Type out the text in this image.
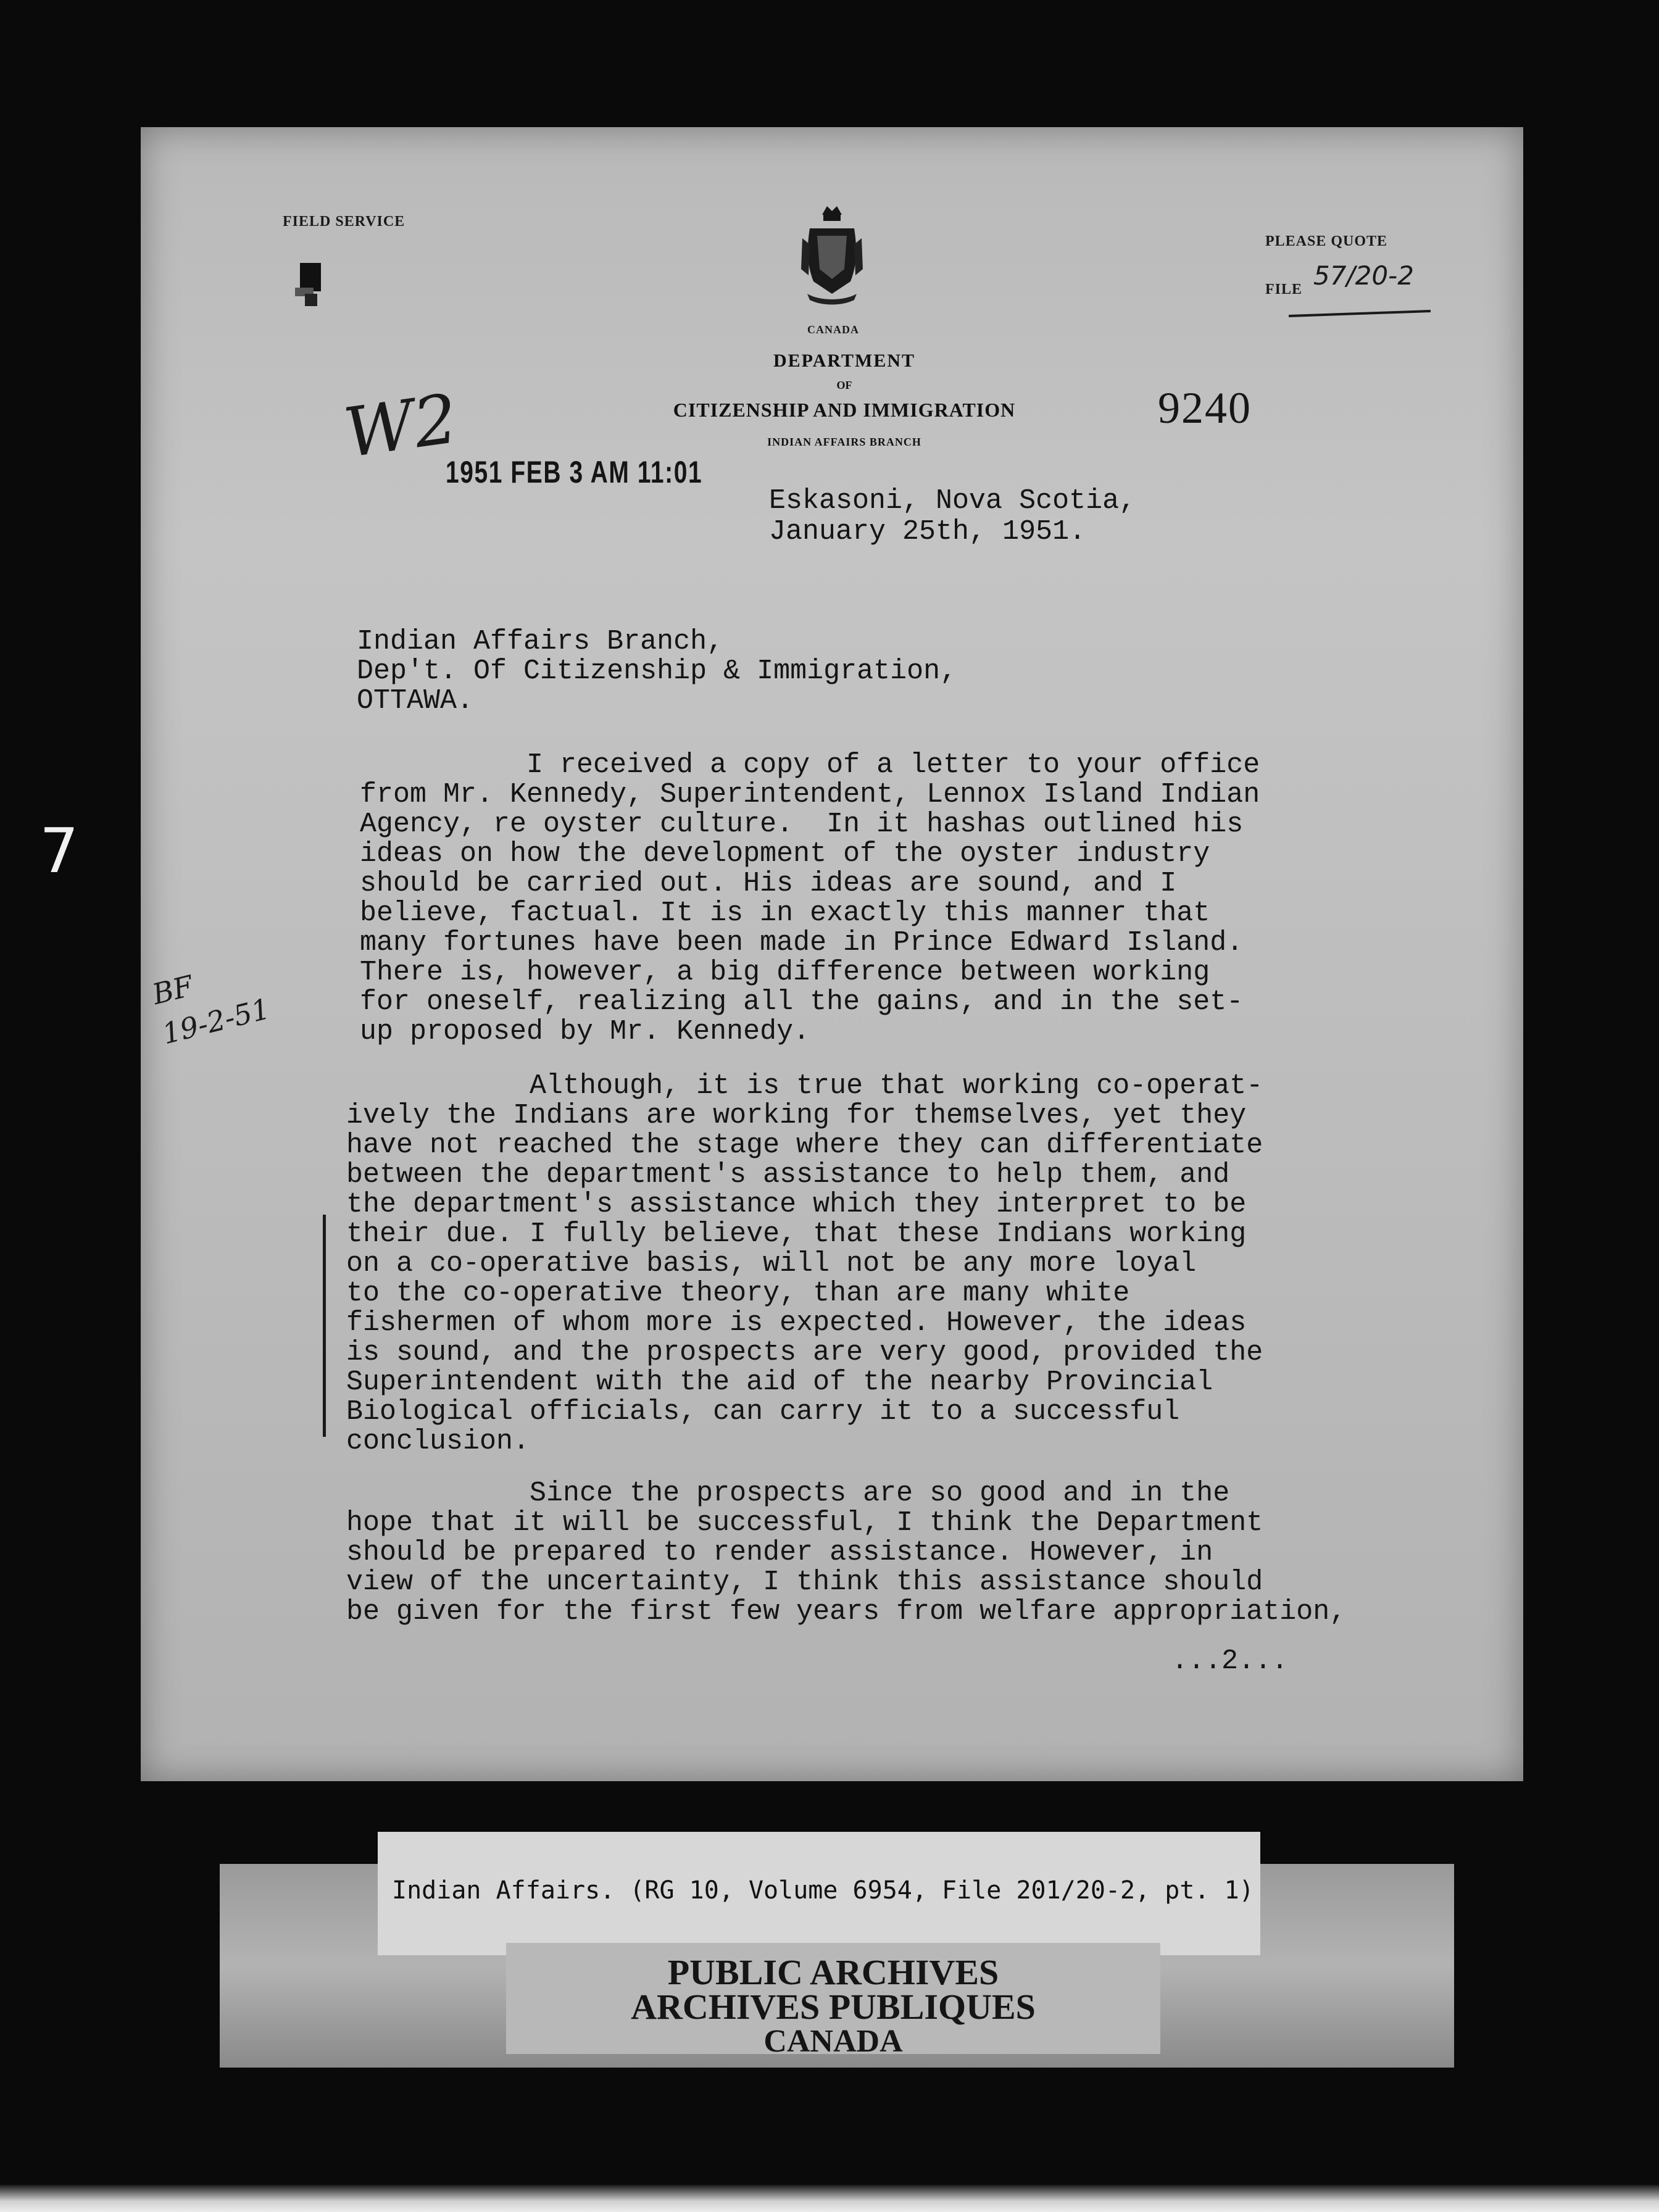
FIELD SERVICE
CANADA
PLEASE QUOTE
FILE 57/20-2
DEPARTMENT
OF
CITIZENSHIP AND IMMIGRATION
INDIAN AFFAIRS BRANCH
9240
W2
1951 FEB 3 AM 11:01
Eskasoni, Nova Scotia,
January 25th, 1951.
Indian Affairs Branch,
Dep't. Of Citizenship & Immigration,
OTTAWA.
I received a copy of a letter to your office
from Mr. Kennedy, Superintendent, Lennox Island Indian
Agency, re oyster culture.  In it hashas outlined his
ideas on how the development of the oyster industry
should be carried out. His ideas are sound, and I
believe, factual. It is in exactly this manner that
many fortunes have been made in Prince Edward Island.
There is, however, a big difference between working
for oneself, realizing all the gains, and in the set-
up proposed by Mr. Kennedy.
Although, it is true that working co-operat-
ively the Indians are working for themselves, yet they
have not reached the stage where they can differentiate
between the department's assistance to help them, and
the department's assistance which they interpret to be
their due. I fully believe, that these Indians working
on a co-operative basis, will not be any more loyal
to the co-operative theory, than are many white
fishermen of whom more is expected. However, the ideas
is sound, and the prospects are very good, provided the
Superintendent with the aid of the nearby Provincial
Biological officials, can carry it to a successful
conclusion.
Since the prospects are so good and in the
hope that it will be successful, I think the Department
should be prepared to render assistance. However, in
view of the uncertainty, I think this assistance should
be given for the first few years from welfare appropriation,
...2...
7
BF
19-2-51
Indian Affairs. (RG 10, Volume 6954, File 201/20-2, pt. 1)
PUBLIC ARCHIVES
ARCHIVES PUBLIQUES
CANADA
